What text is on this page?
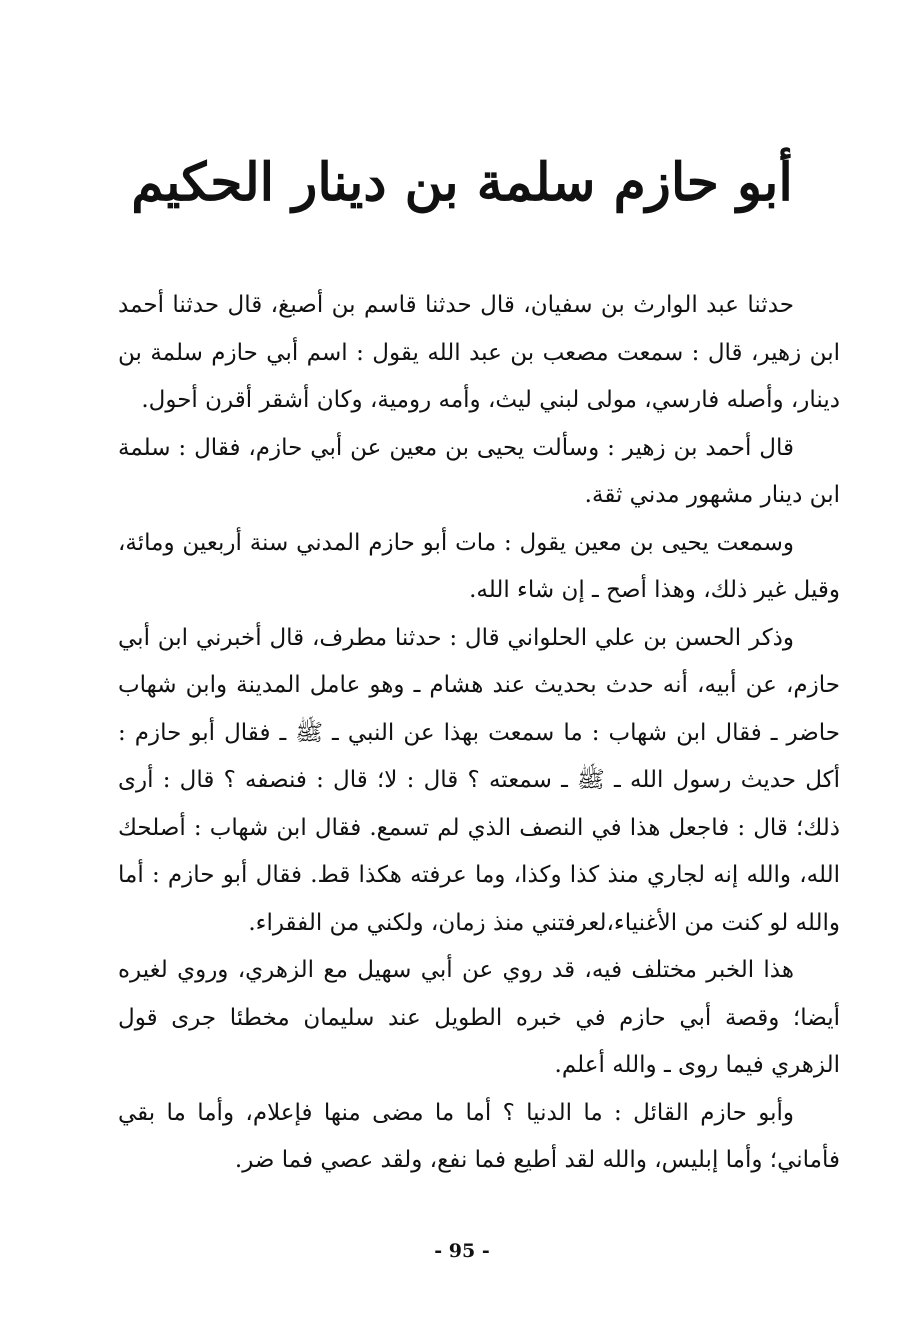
أبو حازم سلمة بن دينار الحكيم

حدثنا عبد الوارث بن سفيان، قال حدثنا قاسم بن أصبغ، قال حدثنا أحمد ابن زهير، قال : سمعت مصعب بن عبد الله يقول : اسم أبي حازم سلمة بن دينار، وأصله فارسي، مولى لبني ليث، وأمه رومية، وكان أشقر أقرن أحول.

قال أحمد بن زهير : وسألت يحيى بن معين عن أبي حازم، فقال : سلمة ابن دينار مشهور مدني ثقة.

وسمعت يحيى بن معين يقول : مات أبو حازم المدني سنة أربعين ومائة، وقيل غير ذلك، وهذا أصح ـ إن شاء الله.

وذكر الحسن بن علي الحلواني قال : حدثنا مطرف، قال أخبرني ابن أبي حازم، عن أبيه، أنه حدث بحديث عند هشام ـ وهو عامل المدينة وابن شهاب حاضر ـ فقال ابن شهاب : ما سمعت بهذا عن النبي ـ ﷺ ـ فقال أبو حازم : أكل حديث رسول الله ـ ﷺ ـ سمعته ؟ قال : لا؛ قال : فنصفه ؟ قال : أرى ذلك؛ قال : فاجعل هذا في النصف الذي لم تسمع. فقال ابن شهاب : أصلحك الله، والله إنه لجاري منذ كذا وكذا، وما عرفته هكذا قط. فقال أبو حازم : أما والله لو كنت من الأغنياء،لعرفتني منذ زمان، ولكني من الفقراء.

هذا الخبر مختلف فيه، قد روي عن أبي سهيل مع الزهري، وروي لغيره أيضا؛ وقصة أبي حازم في خبره الطويل عند سليمان مخطئا جرى قول الزهري فيما روى ـ والله أعلم.

وأبو حازم القائل : ما الدنيا ؟ أما ما مضى منها فإعلام، وأما ما بقي فأماني؛ وأما إبليس، والله لقد أطيع فما نفع، ولقد عصي فما ضر.

- 95 -
